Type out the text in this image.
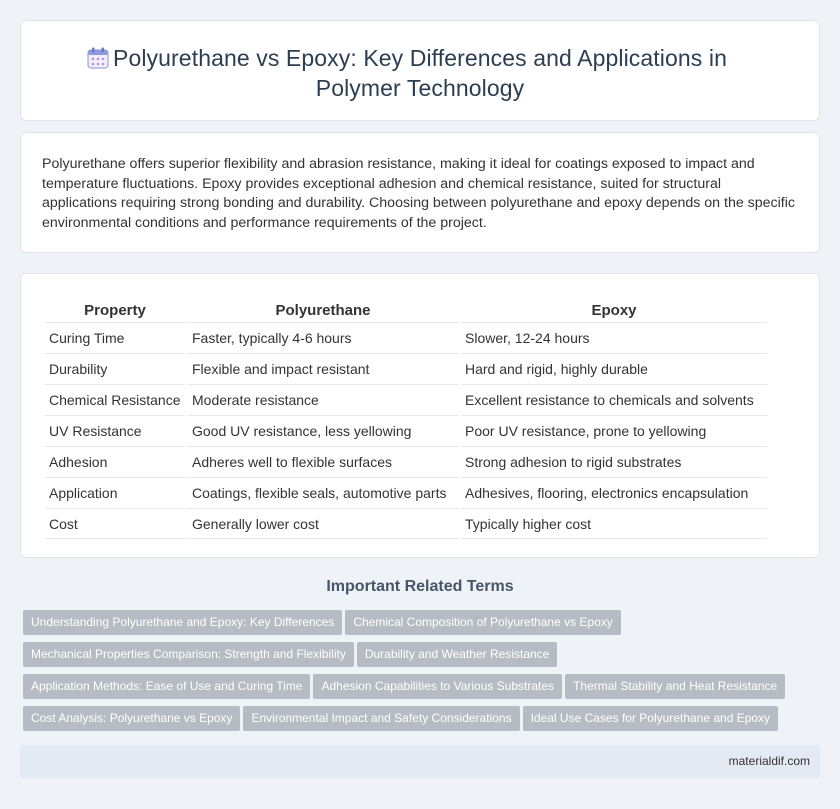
Polyurethane vs Epoxy: Key Differences and Applications in Polymer Technology

Polyurethane offers superior flexibility and abrasion resistance, making it ideal for coatings exposed to impact and temperature fluctuations. Epoxy provides exceptional adhesion and chemical resistance, suited for structural applications requiring strong bonding and durability. Choosing between polyurethane and epoxy depends on the specific environmental conditions and performance requirements of the project.

Property	Polyurethane	Epoxy
Curing Time	Faster, typically 4-6 hours	Slower, 12-24 hours
Durability	Flexible and impact resistant	Hard and rigid, highly durable
Chemical Resistance	Moderate resistance	Excellent resistance to chemicals and solvents
UV Resistance	Good UV resistance, less yellowing	Poor UV resistance, prone to yellowing
Adhesion	Adheres well to flexible surfaces	Strong adhesion to rigid substrates
Application	Coatings, flexible seals, automotive parts	Adhesives, flooring, electronics encapsulation
Cost	Generally lower cost	Typically higher cost
Important Related Terms
Understanding Polyurethane and Epoxy: Key Differences Chemical Composition of Polyurethane vs Epoxy
Mechanical Properties Comparison: Strength and Flexibility Durability and Weather Resistance
Application Methods: Ease of Use and Curing Time Adhesion Capabilities to Various Substrates Thermal Stability and Heat Resistance
Cost Analysis: Polyurethane vs Epoxy Environmental Impact and Safety Considerations Ideal Use Cases for Polyurethane and Epoxy
materialdif.com
